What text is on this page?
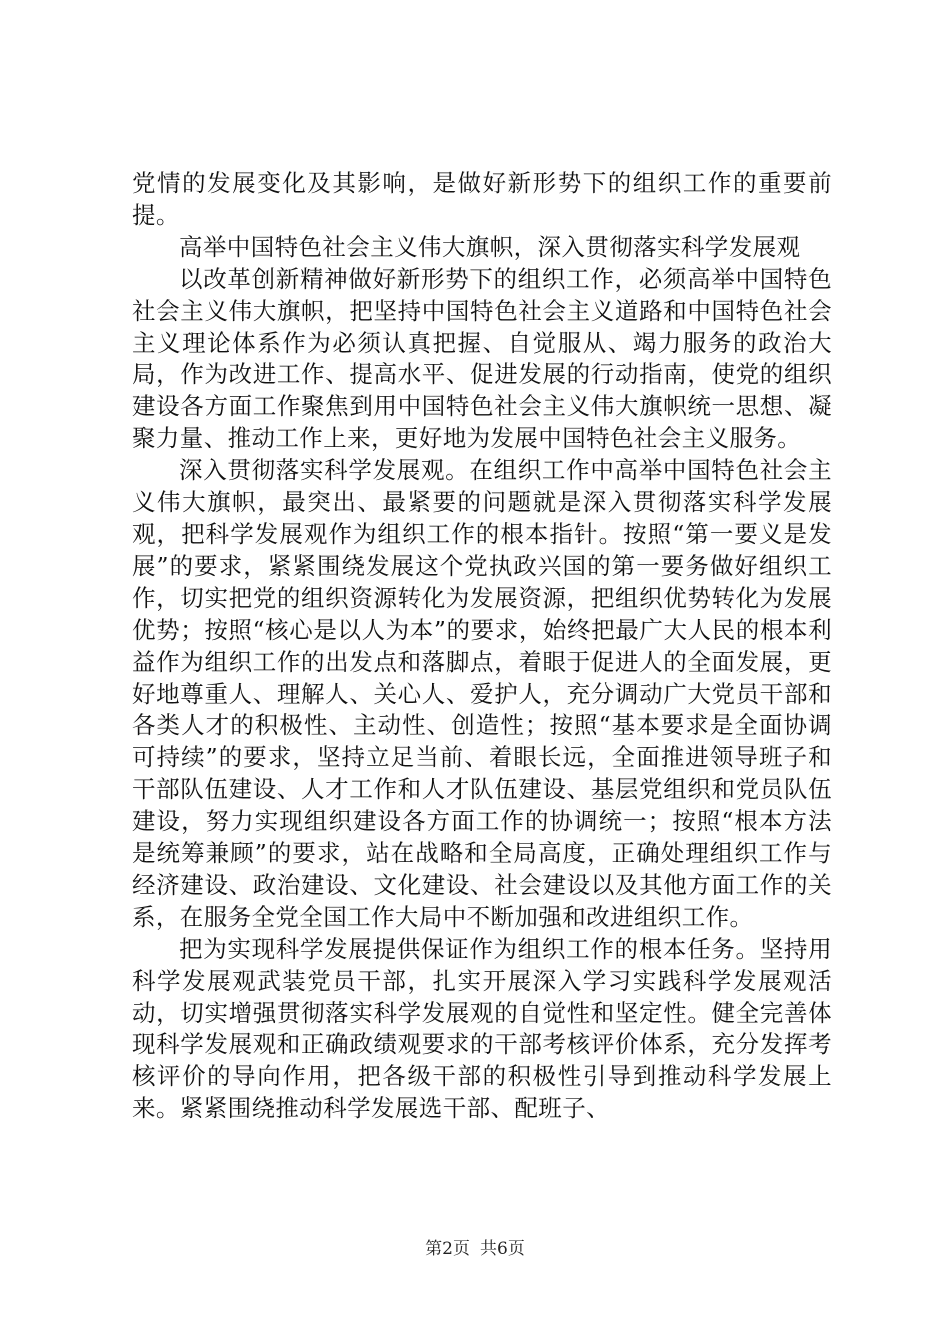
党情的发展变化及其影响，是做好新形势下的组织工作的重要前提。

高举中国特色社会主义伟大旗帜，深入贯彻落实科学发展观

以改革创新精神做好新形势下的组织工作，必须高举中国特色社会主义伟大旗帜，把坚持中国特色社会主义道路和中国特色社会主义理论体系作为必须认真把握、自觉服从、竭力服务的政治大局，作为改进工作、提高水平、促进发展的行动指南，使党的组织建设各方面工作聚焦到用中国特色社会主义伟大旗帜统一思想、凝聚力量、推动工作上来，更好地为发展中国特色社会主义服务。

深入贯彻落实科学发展观。在组织工作中高举中国特色社会主义伟大旗帜，最突出、最紧要的问题就是深入贯彻落实科学发展观，把科学发展观作为组织工作的根本指针。按照“第一要义是发展”的要求，紧紧围绕发展这个党执政兴国的第一要务做好组织工作，切实把党的组织资源转化为发展资源，把组织优势转化为发展优势；按照“核心是以人为本”的要求，始终把最广大人民的根本利益作为组织工作的出发点和落脚点，着眼于促进人的全面发展，更好地尊重人、理解人、关心人、爱护人，充分调动广大党员干部和各类人才的积极性、主动性、创造性；按照“基本要求是全面协调可持续”的要求，坚持立足当前、着眼长远，全面推进领导班子和干部队伍建设、人才工作和人才队伍建设、基层党组织和党员队伍建设，努力实现组织建设各方面工作的协调统一；按照“根本方法是统筹兼顾”的要求，站在战略和全局高度，正确处理组织工作与经济建设、政治建设、文化建设、社会建设以及其他方面工作的关系，在服务全党全国工作大局中不断加强和改进组织工作。

把为实现科学发展提供保证作为组织工作的根本任务。坚持用科学发展观武装党员干部，扎实开展深入学习实践科学发展观活动，切实增强贯彻落实科学发展观的自觉性和坚定性。健全完善体现科学发展观和正确政绩观要求的干部考核评价体系，充分发挥考核评价的导向作用，把各级干部的积极性引导到推动科学发展上来。紧紧围绕推动科学发展选干部、配班子、

第2页 共6页
